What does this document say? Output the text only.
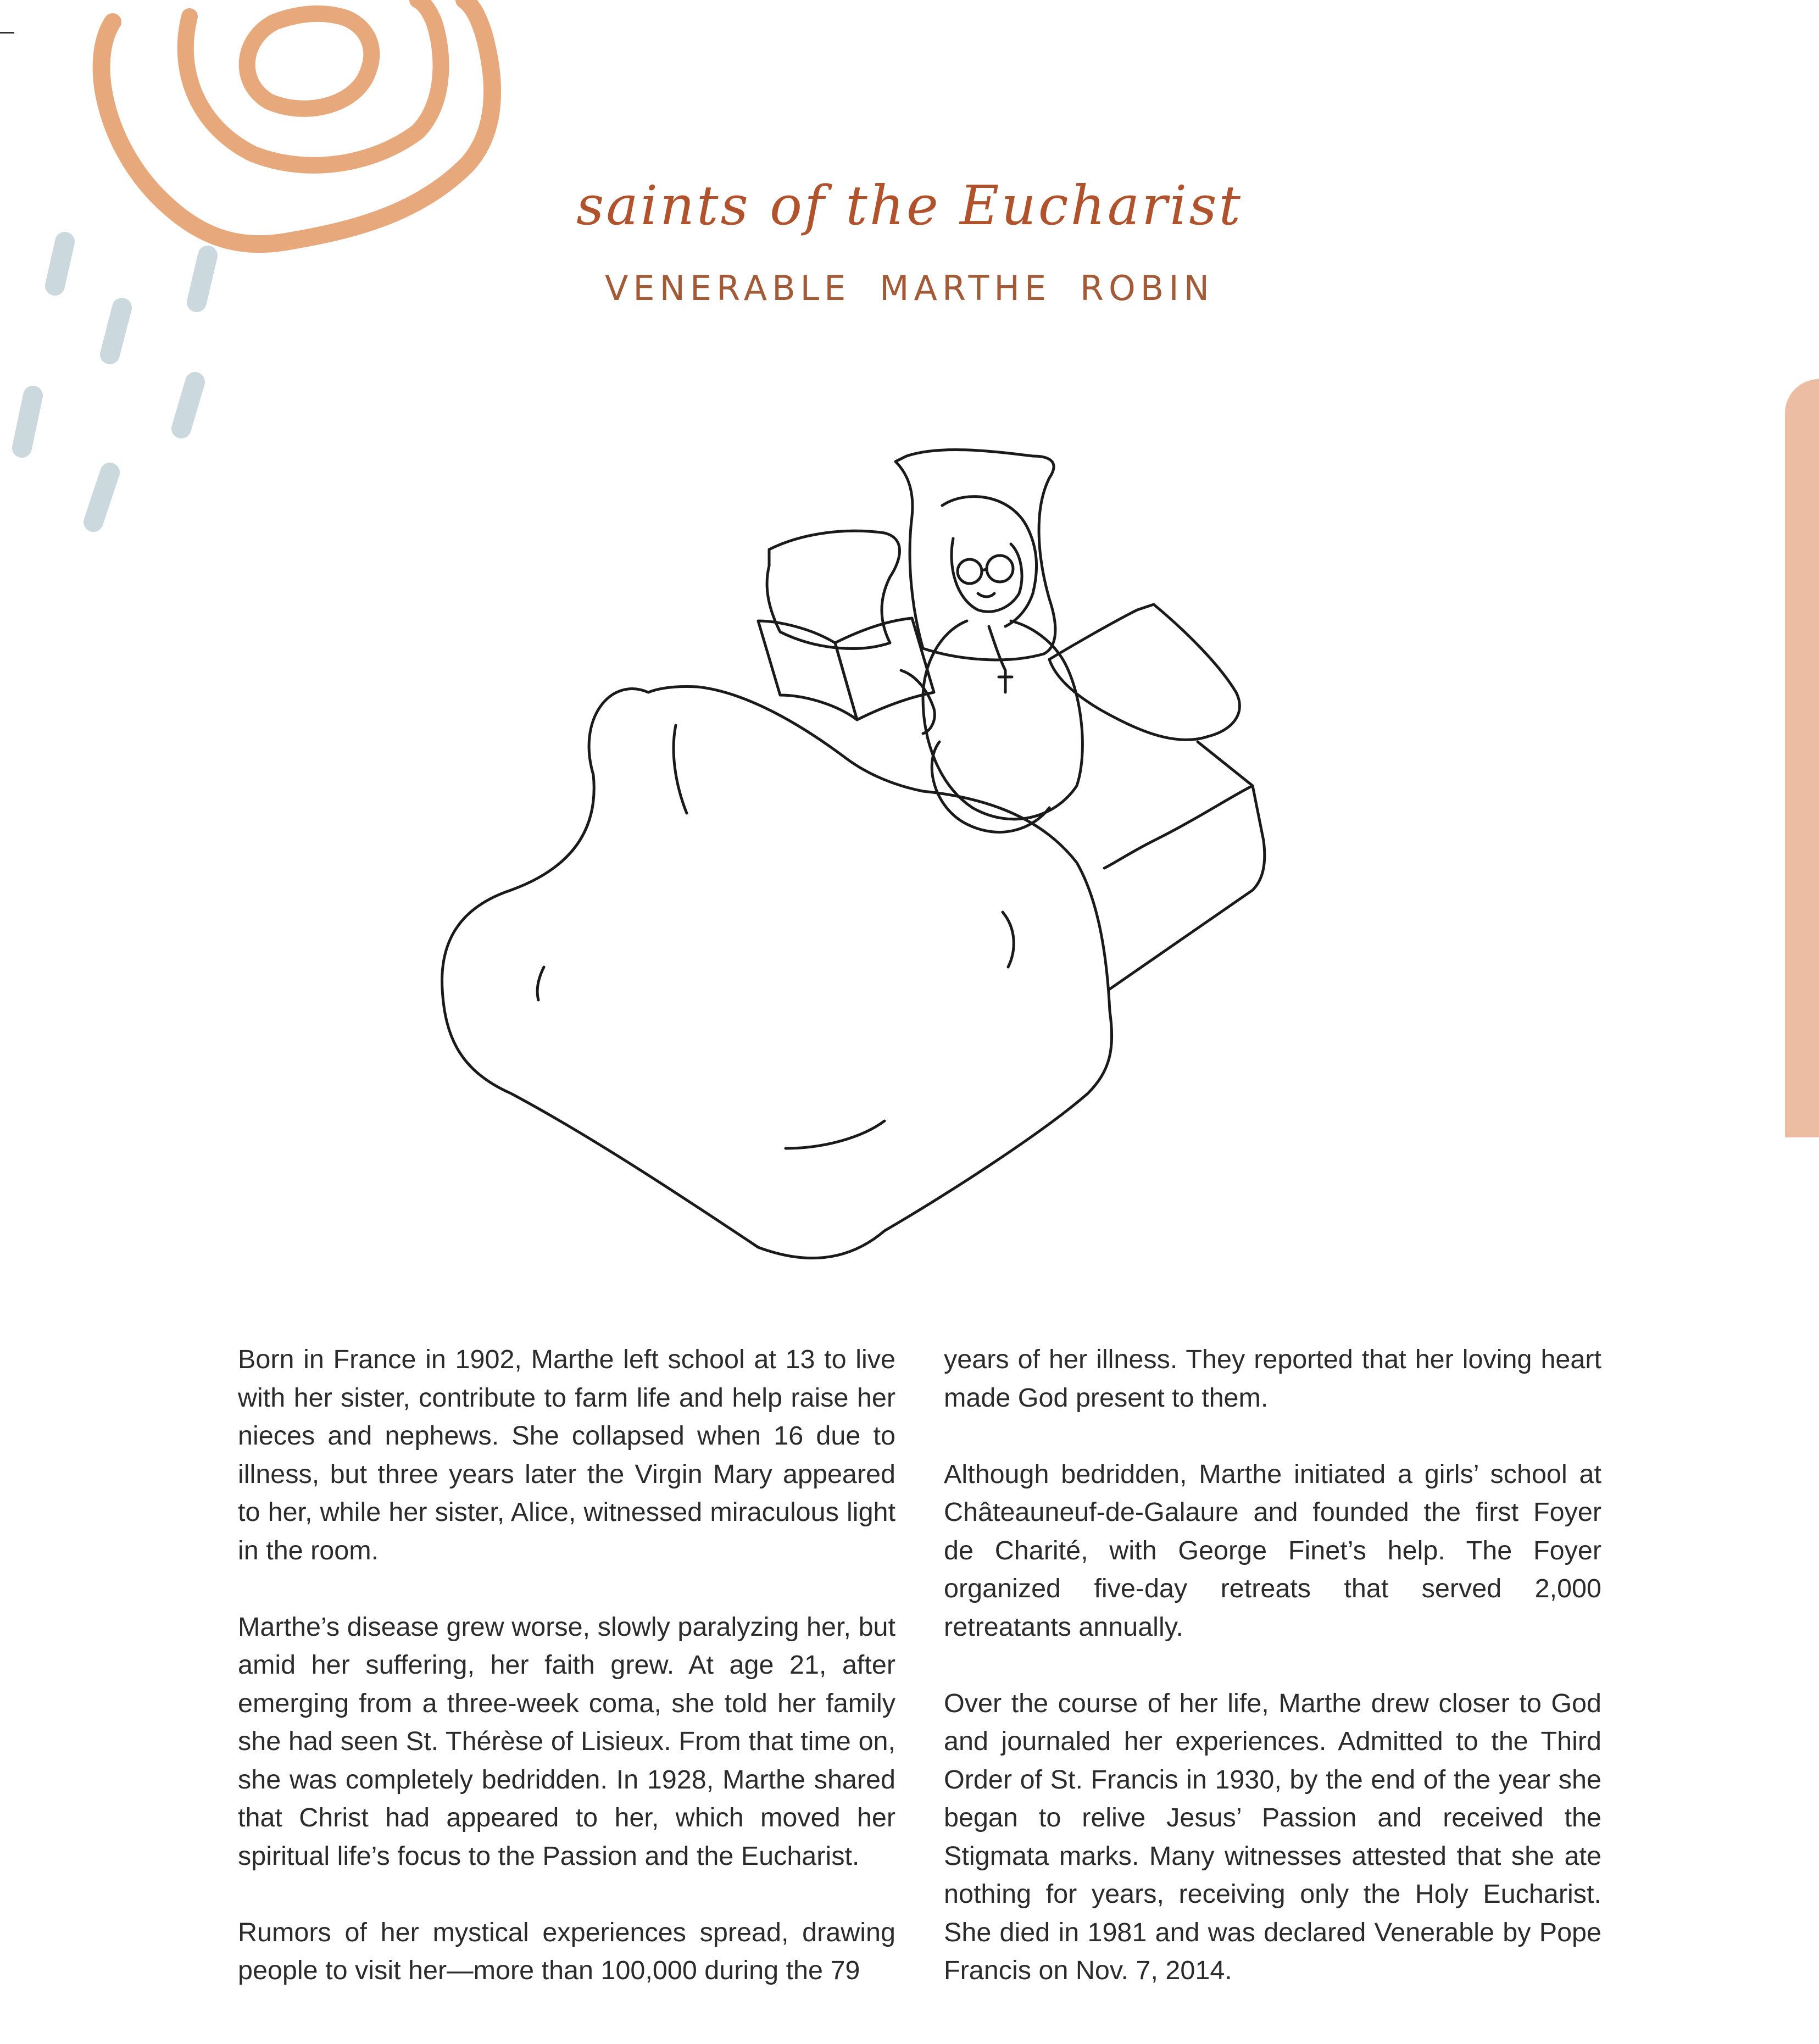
saints of the Eucharist
VENERABLE MARTHE ROBIN

Born in France in 1902, Marthe left school at 13 to live with her sister, contribute to farm life and help raise her nieces and nephews. She collapsed when 16 due to illness, but three years later the Virgin Mary appeared to her, while her sister, Alice, witnessed miraculous light in the room.

Marthe’s disease grew worse, slowly paralyzing her, but amid her suffering, her faith grew. At age 21, after emerging from a three-week coma, she told her family she had seen St. Thérèse of Lisieux. From that time on, she was completely bedridden. In 1928, Marthe shared that Christ had appeared to her, which moved her spiritual life’s focus to the Passion and the Eucharist.

Rumors of her mystical experiences spread, drawing people to visit her—more than 100,000 during the 79

years of her illness. They reported that her loving heart made God present to them.

Although bedridden, Marthe initiated a girls’ school at Châteauneuf-de-Galaure and founded the first Foyer de Charité, with George Finet’s help. The Foyer organized five-day retreats that served 2,000 retreatants annually.

Over the course of her life, Marthe drew closer to God and journaled her experiences. Admitted to the Third Order of St. Francis in 1930, by the end of the year she began to relive Jesus’ Passion and received the Stigmata marks. Many witnesses attested that she ate nothing for years, receiving only the Holy Eucharist. She died in 1981 and was declared Venerable by Pope Francis on Nov. 7, 2014.
